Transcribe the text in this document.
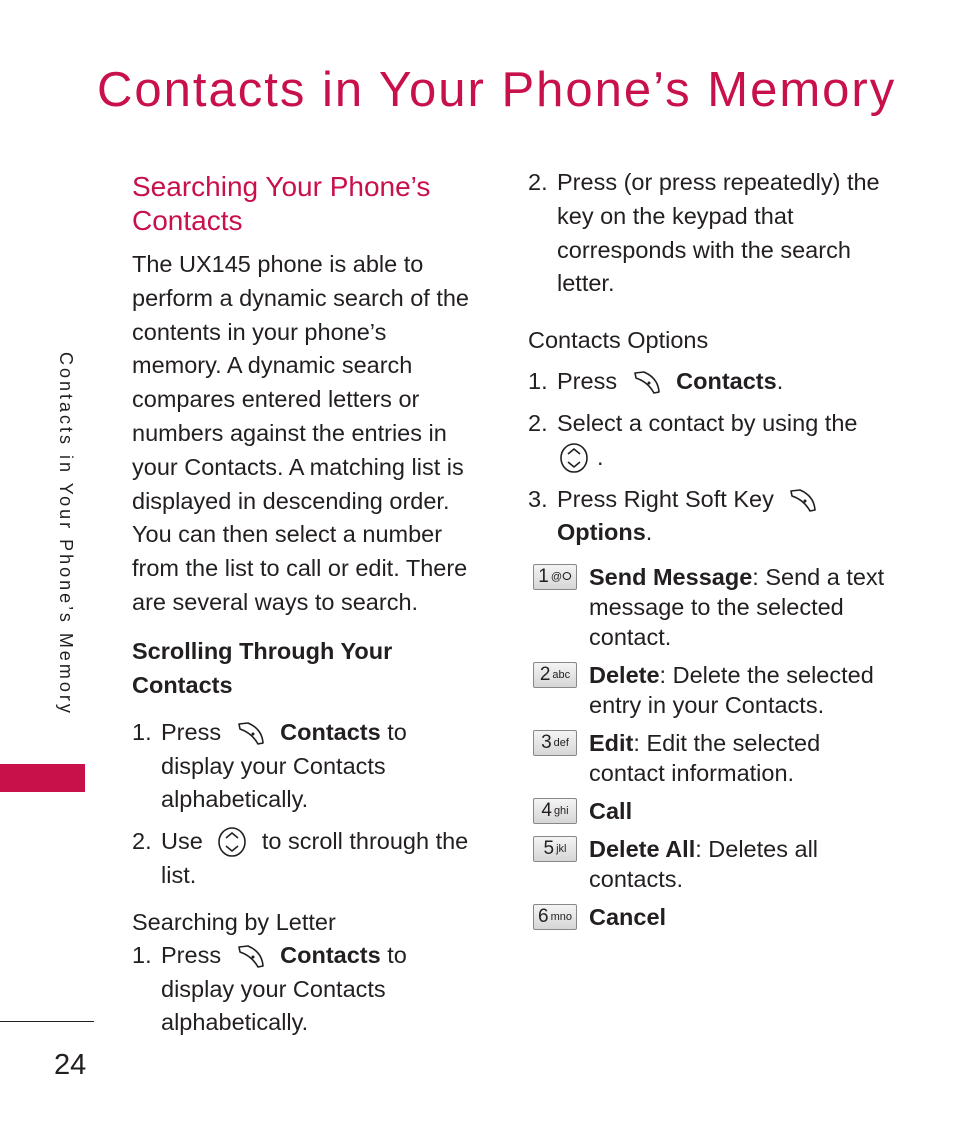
Contacts in Your Phone’s Memory
Contacts in Your Phone’s Memory
Searching Your Phone’s Contacts
The UX145 phone is able to perform a dynamic search of the contents in your phone’s memory. A dynamic search compares entered letters or numbers against the entries in your Contacts. A matching list is displayed in descending order. You can then select a number from the list to call or edit. There are several ways to search.
Scrolling Through Your Contacts
1. Press	Contacts to display your Contacts alphabetically.
2. Use	to scroll through the list.
Searching by Letter
1. Press	Contacts to display your Contacts alphabetically.
2. Press (or press repeatedly) the key on the keypad that corresponds with the search letter.
Contacts Options
1. Press	Contacts.
2. Select a contact by using the
.
3. Press Right Soft Key
Options.
1 @ⵔ Send Message: Send a text message to the selected contact.
2 abc Delete: Delete the selected entry in your Contacts.
3 def Edit: Edit the selected contact information.
4 ghi Call
5 jkl Delete All: Deletes all contacts.
6 mno Cancel
24
